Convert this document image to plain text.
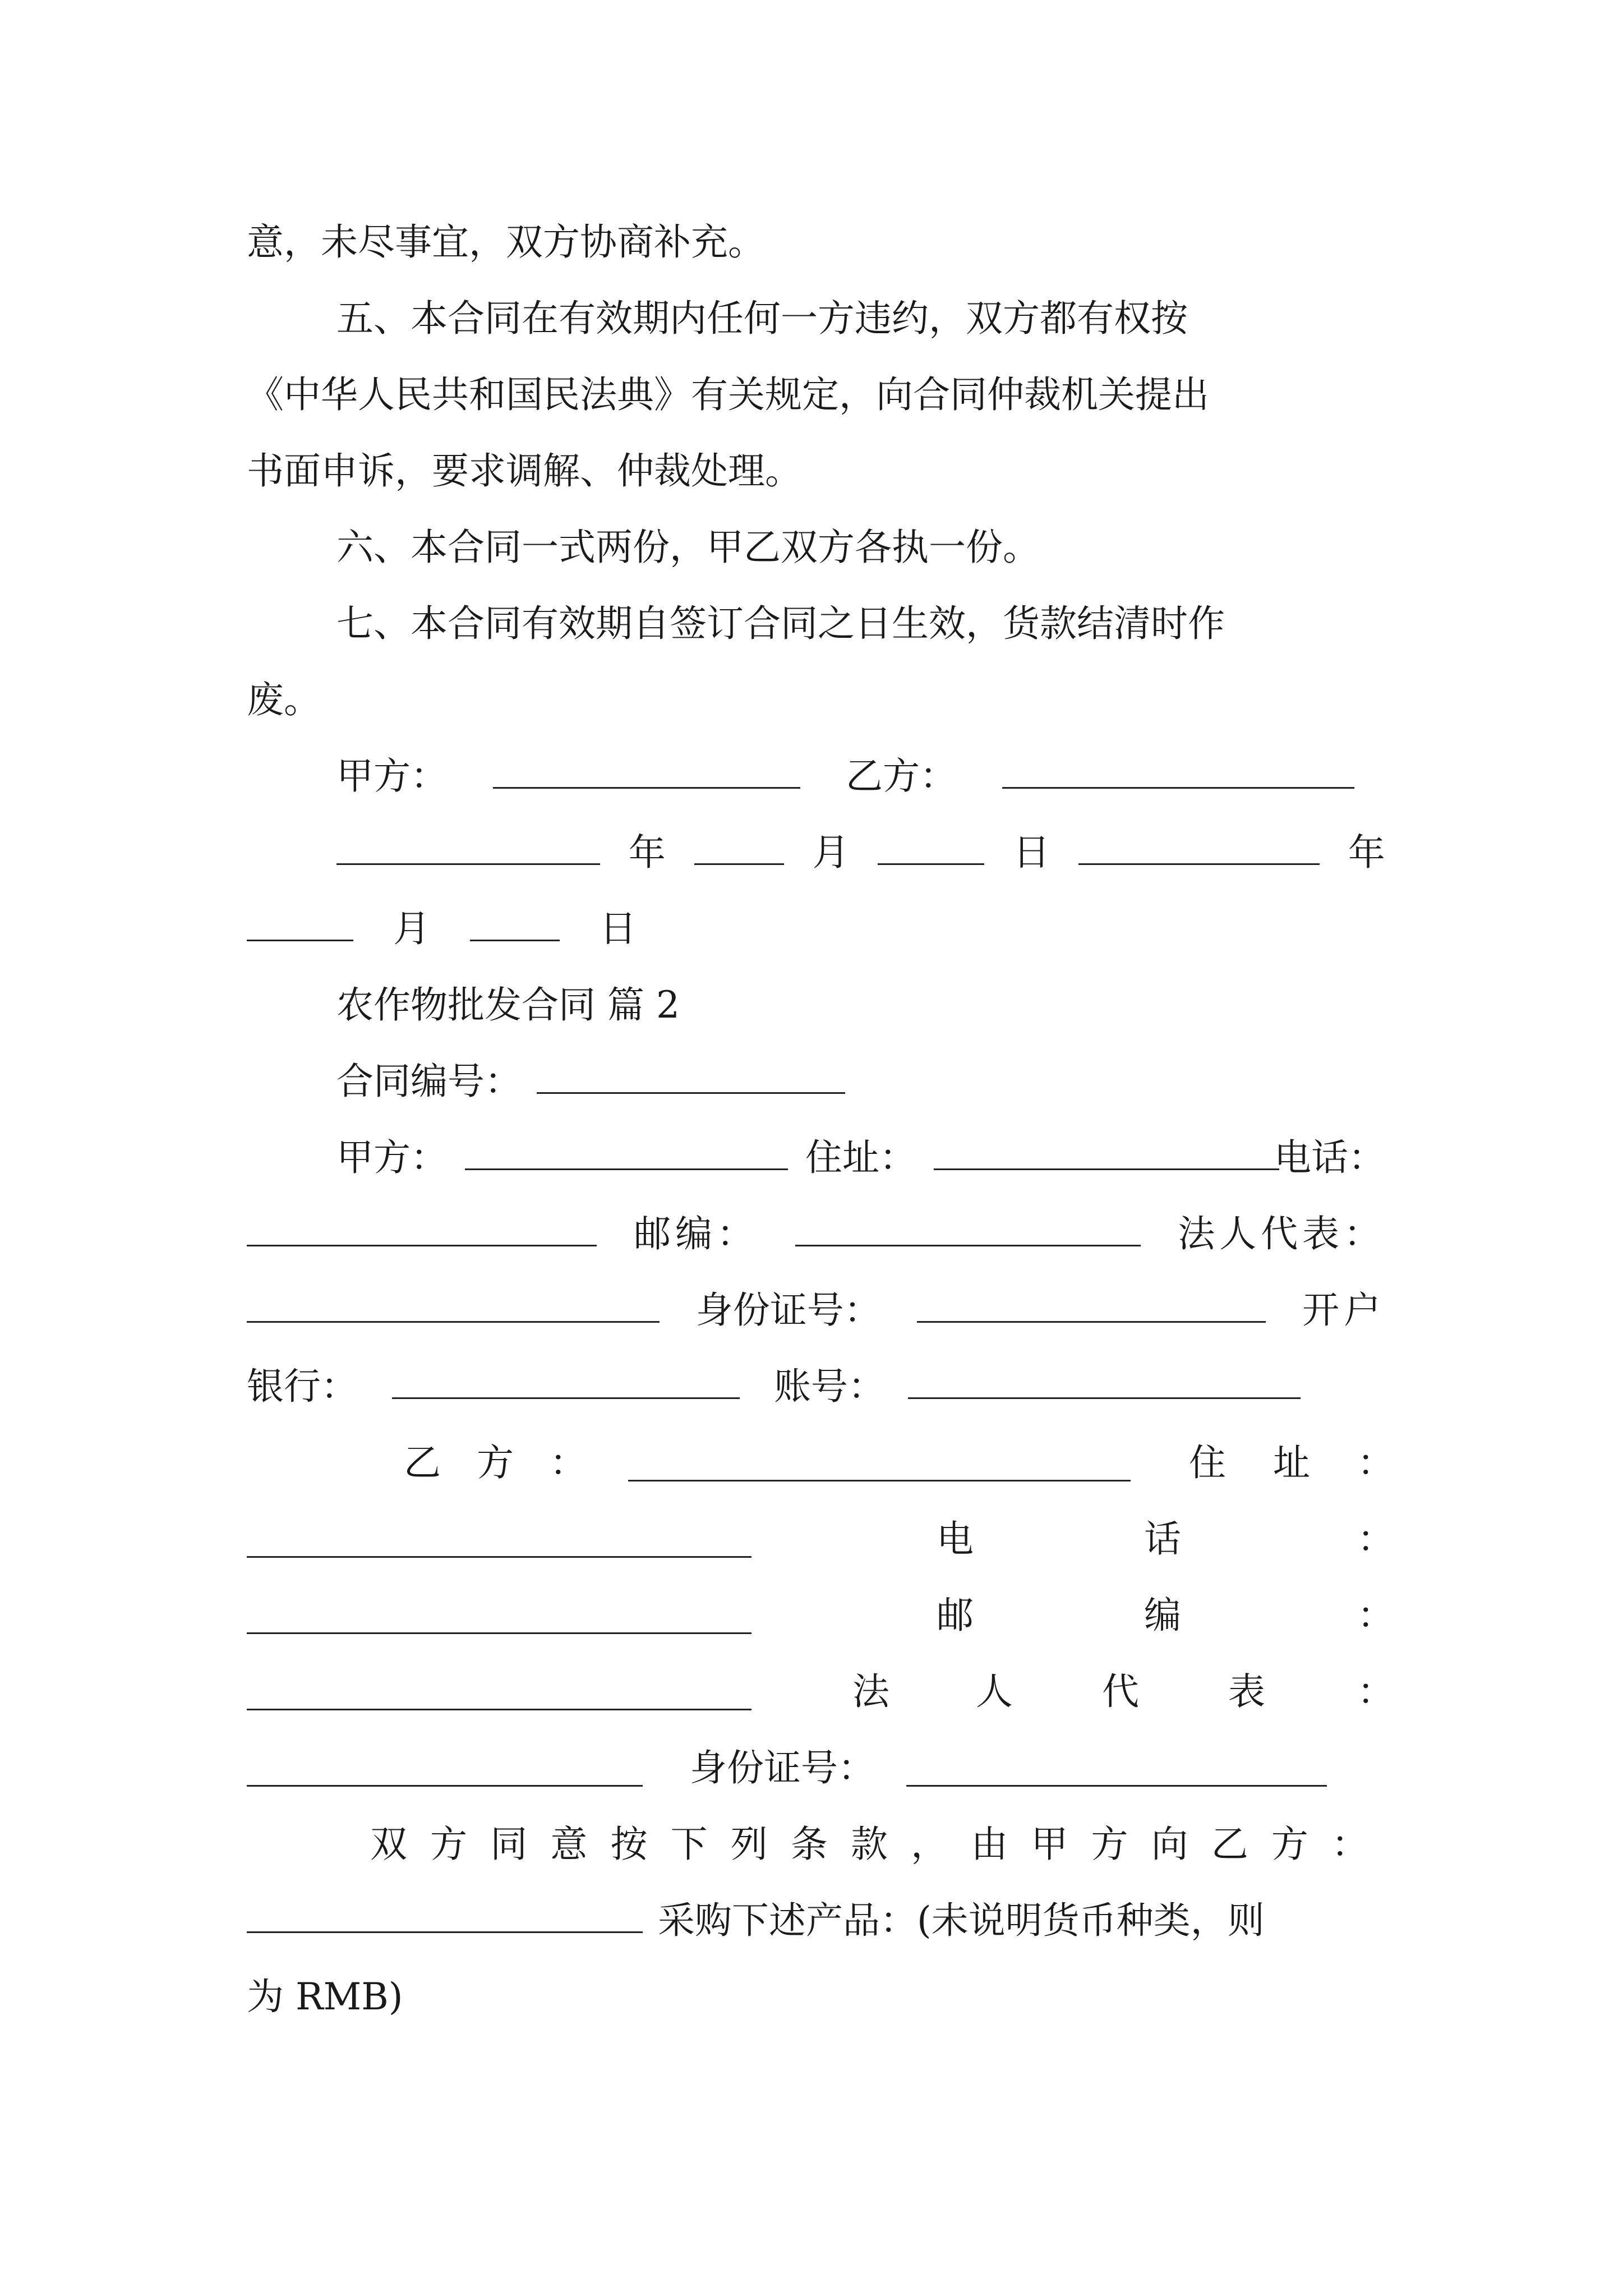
意，未尽事宜，双方协商补充。
五、本合同在有效期内任何一方违约，双方都有权按
《中华人民共和国民法典》有关规定，向合同仲裁机关提出
书面申诉，要求调解、仲裁处理。
六、本合同一式两份，甲乙双方各执一份。
七、本合同有效期自签订合同之日生效，货款结清时作
废。
甲方：	乙方：
年	月	日	年
月	日
农作物批发合同 篇 2
合同编号：
甲方：	住址：	电话：
邮编：	法人代表：
身份证号：	开户
银行：	账号：
乙 方 ：	住 址 ：
电	话	：
邮	编	：
法 人 代 表 ：
身份证号：
双 方 同 意 按 下 列 条 款 ， 由 甲 方 向 乙 方 ：
采购下述产品：(未说明货币种类，则
为 RMB)
